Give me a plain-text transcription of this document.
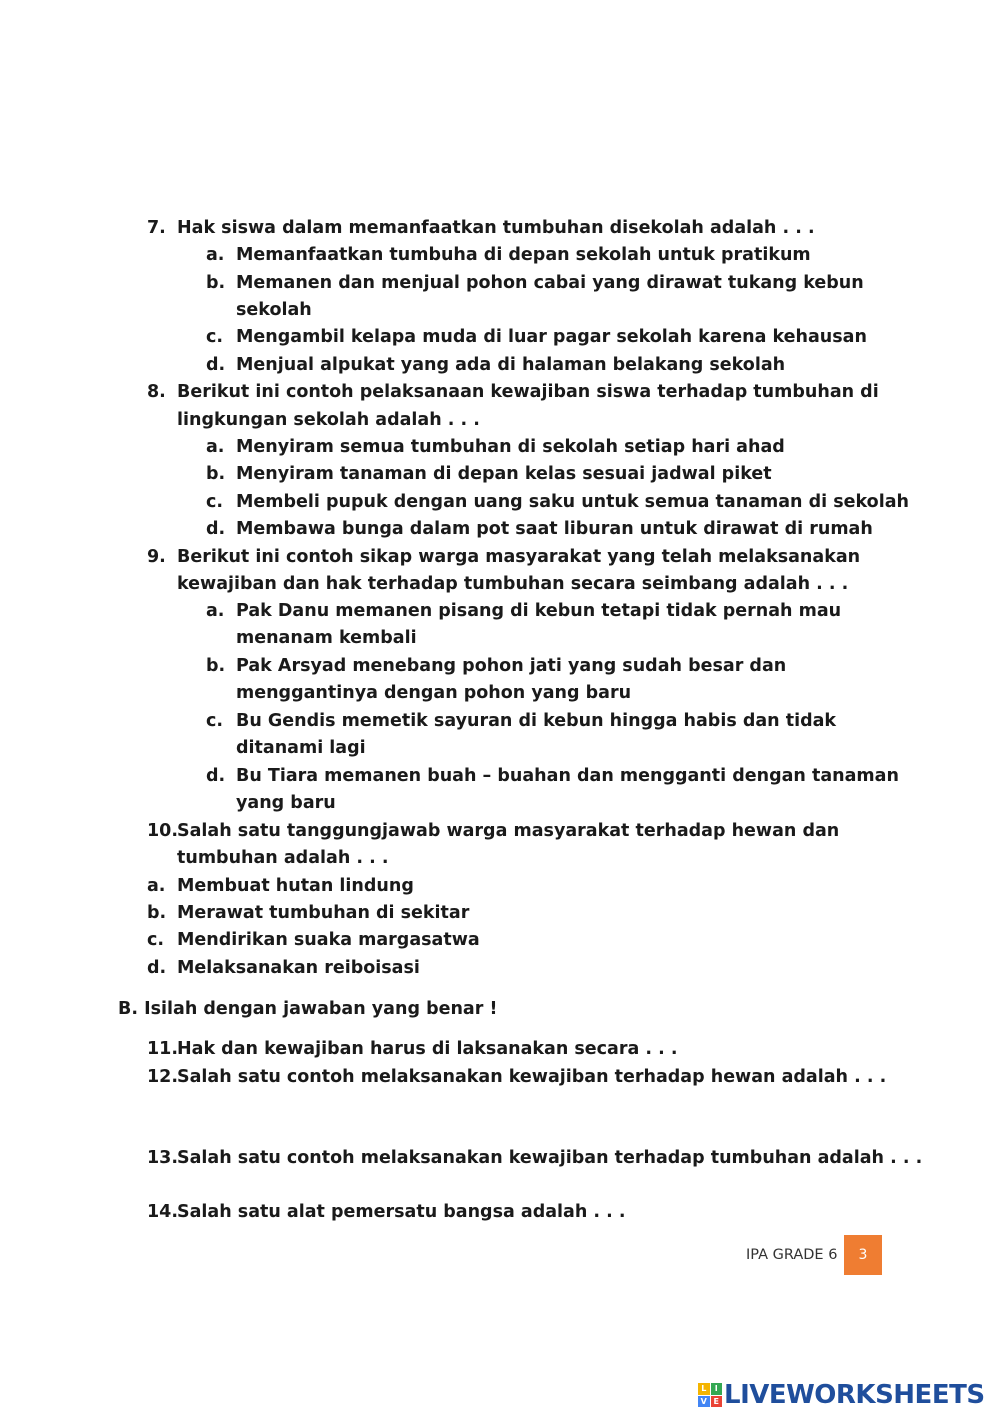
7. Hak siswa dalam memanfaatkan tumbuhan disekolah adalah . . .
a. Memanfaatkan tumbuha di depan sekolah untuk pratikum
b. Memanen dan menjual pohon cabai yang dirawat tukang kebun
sekolah
c. Mengambil kelapa muda di luar pagar sekolah karena kehausan
d. Menjual alpukat yang ada di halaman belakang sekolah
8. Berikut ini contoh pelaksanaan kewajiban siswa terhadap tumbuhan di
lingkungan sekolah adalah . . .
a. Menyiram semua tumbuhan di sekolah setiap hari ahad
b. Menyiram tanaman di depan kelas sesuai jadwal piket
c. Membeli pupuk dengan uang saku untuk semua tanaman di sekolah
d. Membawa bunga dalam pot saat liburan untuk dirawat di rumah
9. Berikut ini contoh sikap warga masyarakat yang telah melaksanakan
kewajiban dan hak terhadap tumbuhan secara seimbang adalah . . .
a. Pak Danu memanen pisang di kebun tetapi tidak pernah mau
menanam kembali
b. Pak Arsyad menebang pohon jati yang sudah besar dan
menggantinya dengan pohon yang baru
c. Bu Gendis memetik sayuran di kebun hingga habis dan tidak
ditanami lagi
d. Bu Tiara memanen buah – buahan dan mengganti dengan tanaman
yang baru
10.
Salah satu tanggungjawab warga masyarakat terhadap hewan dan
tumbuhan adalah . . .
a. Membuat hutan lindung
b. Merawat tumbuhan di sekitar
c. Mendirikan suaka margasatwa
d. Melaksanakan reiboisasi
B. Isilah dengan jawaban yang benar !
11.
Hak dan kewajiban harus di laksanakan secara . . .
12.
Salah satu contoh melaksanakan kewajiban terhadap hewan adalah . . .
13.
Salah satu contoh melaksanakan kewajiban terhadap tumbuhan adalah . . .
14.
Salah satu alat pemersatu bangsa adalah . . .
IPA GRADE 6	3
L	I
V E LIVEWORKSHEETS
